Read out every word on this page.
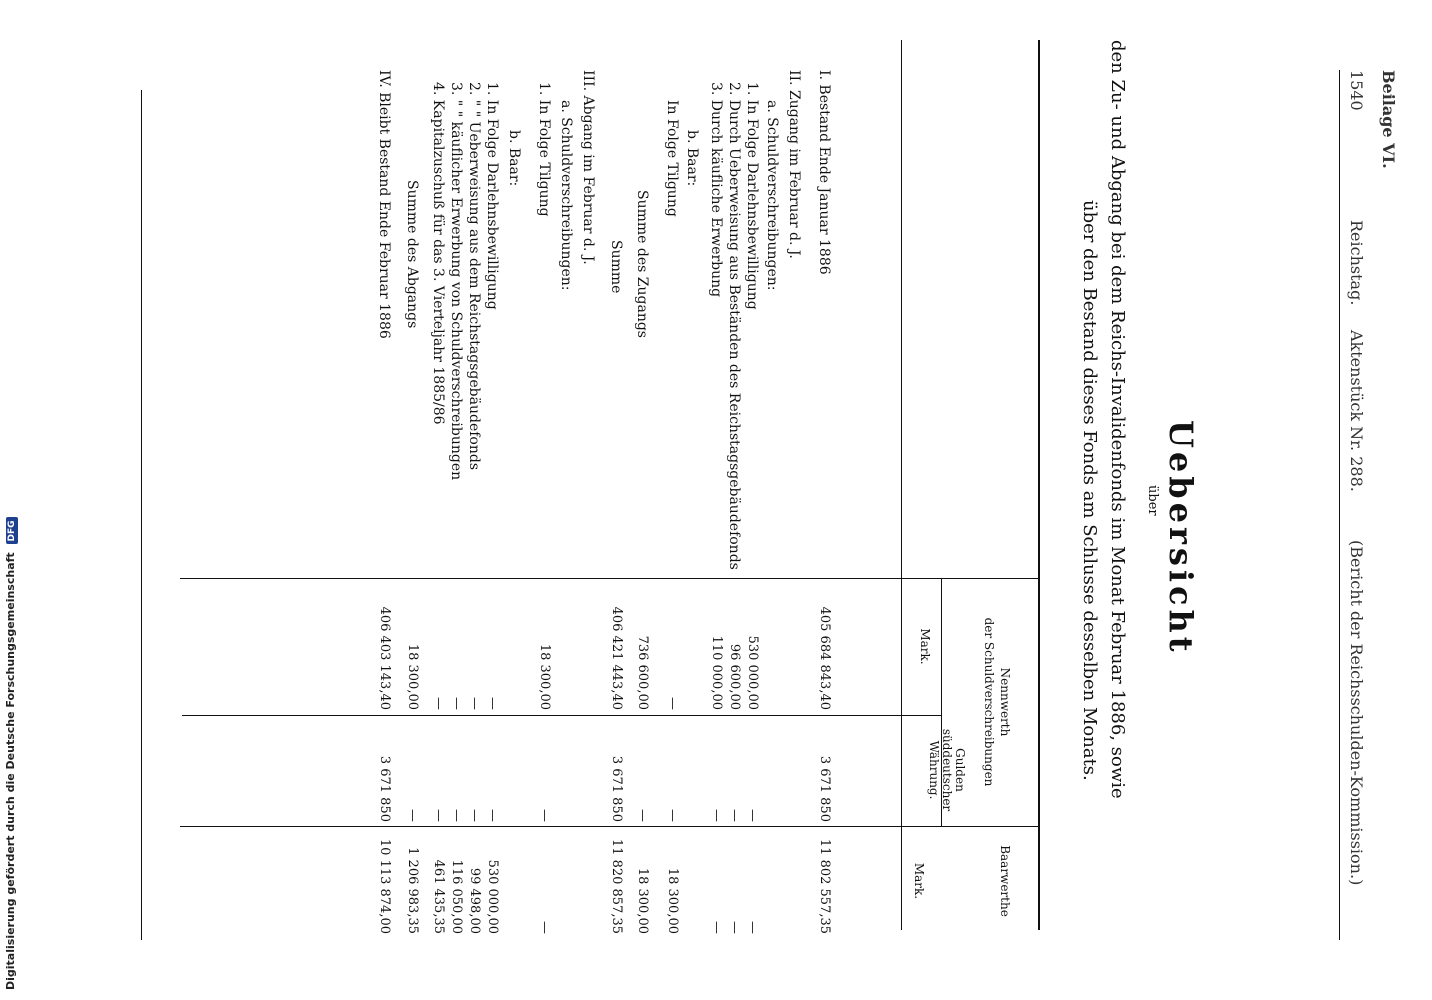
Digitalisierung gefördert durch die Deutsche Forschungsgemeinschaft DFG
Beilage VI.
1540
Reichstag.
Aktenstück Nr. 288.
(Bericht der Reichsschulden-Kommission.)
Uebersicht
über
den Zu- und Abgang bei dem Reichs-Invalidenfonds im Monat Februar 1886, sowie
über den Bestand dieses Fonds am Schlusse desselben Monats.
Nennwerth
der Schuldverschreibungen
Mark.
Gulden süddeutscher Währung.
Baarwerthe
Mark.
I. Bestand Ende Januar 1886
405 684 843,40
3 671 850
11 802 557,35
II. Zugang im Februar d. J.
a. Schuldverschreibungen:
1. In Folge Darlehnsbewilligung
530 000,00
—
—
2. Durch Ueberweisung aus Beständen des Reichstagsgebäudefonds
96 600,00
—
—
3. Durch käufliche Erwerbung
110 000,00
—
—
b. Baar:
In Folge Tilgung
—
—
18 300,00
Summe des Zugangs
736 600,00
—
18 300,00
Summe
406 421 443,40
3 671 850
11 820 857,35
III. Abgang im Februar d. J.
a. Schuldverschreibungen:
1. In Folge Tilgung
18 300,00
—
—
b. Baar:
1. In Folge Darlehnsbewilligung
—
—
530 000,00
2. " " Ueberweisung aus dem Reichstagsgebäudefonds
—
—
99 498,00
3. " " käuflicher Erwerbung von Schuldverschreibungen
—
—
116 050,00
4. Kapitalzuschuß für das 3. Vierteljahr 1885/86
—
—
461 435,35
Summe des Abgangs
18 300,00
—
1 206 983,35
IV. Bleibt Bestand Ende Februar 1886
406 403 143,40
3 671 850
10 113 874,00
